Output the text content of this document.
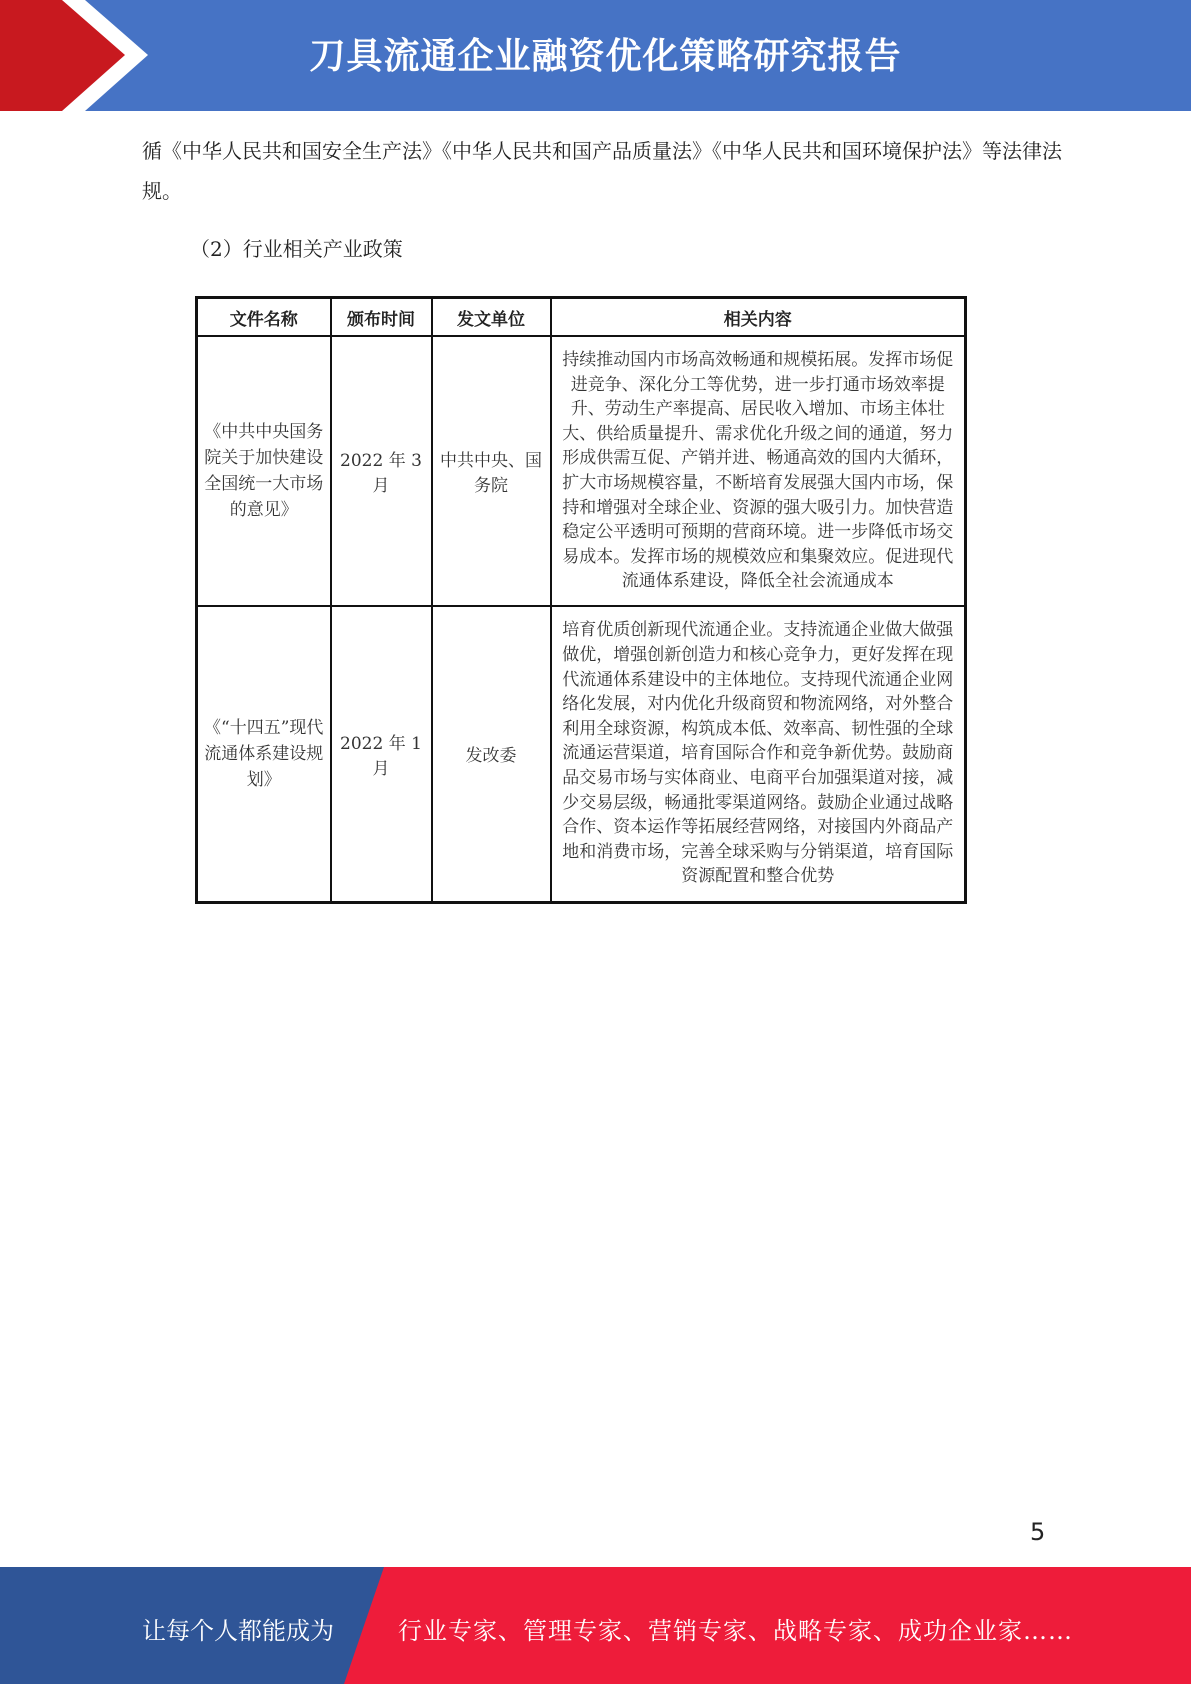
刀具流通企业融资优化策略研究报告
循《中华人民共和国安全生产法》《中华人民共和国产品质量法》《中华人民共和国环境保护法》等法律法规。
（2）行业相关产业政策
文件名称	颁布时间	发文单位	相关内容
《中共中央国务院关于加快建设全国统一大市场的意见》	2022 年 3 月	中共中央、国务院	持续推动国内市场高效畅通和规模拓展。发挥市场促进竞争、深化分工等优势，进一步打通市场效率提升、劳动生产率提高、居民收入增加、市场主体壮大、供给质量提升、需求优化升级之间的通道，努力形成供需互促、产销并进、畅通高效的国内大循环，扩大市场规模容量，不断培育发展强大国内市场，保持和增强对全球企业、资源的强大吸引力。加快营造稳定公平透明可预期的营商环境。进一步降低市场交易成本。发挥市场的规模效应和集聚效应。促进现代流通体系建设，降低全社会流通成本
《“十四五”现代流通体系建设规划》	2022 年 1 月	发改委	培育优质创新现代流通企业。支持流通企业做大做强做优，增强创新创造力和核心竞争力，更好发挥在现代流通体系建设中的主体地位。支持现代流通企业网络化发展，对内优化升级商贸和物流网络，对外整合利用全球资源，构筑成本低、效率高、韧性强的全球流通运营渠道，培育国际合作和竞争新优势。鼓励商品交易市场与实体商业、电商平台加强渠道对接，减少交易层级，畅通批零渠道网络。鼓励企业通过战略合作、资本运作等拓展经营网络，对接国内外商品产地和消费市场，完善全球采购与分销渠道，培育国际资源配置和整合优势
5
让每个人都能成为	行业专家、管理专家、营销专家、战略专家、成功企业家……
